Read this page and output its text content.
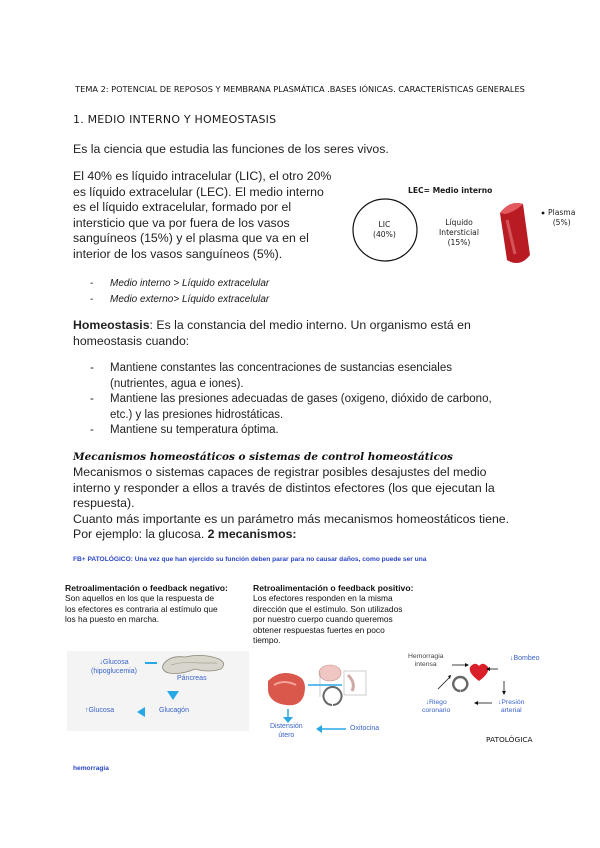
TEMA 2: POTENCIAL DE REPOSOS Y MEMBRANA PLASMÁTICA .BASES IÓNICAS. CARACTERÍSTICAS GENERALES
1. MEDIO INTERNO Y HOMEOSTASIS
Es la ciencia que estudia las funciones de los seres vivos.
El 40% es líquido intracelular (LIC), el otro 20%
es líquido extracelular (LEC). El medio interno
es el líquido extracelular, formado por el
intersticio que va por fuera de los vasos
sanguíneos (15%) y el plasma que va en el
interior de los vasos sanguíneos (5%).
LEC= Medio interno
LIC
(40%)
Líquido
Intersticial
(15%)
Plasma
(5%)
- Medio interno > Líquido extracelular
- Medio externo> Líquido extracelular
Homeostasis: Es la constancia del medio interno. Un organismo está en
homeostasis cuando:
- Mantiene constantes las concentraciones de sustancias esenciales
(nutrientes, agua e iones).
- Mantiene las presiones adecuadas de gases (oxigeno, dióxido de carbono,
etc.) y las presiones hidrostáticas.
- Mantiene su temperatura óptima.
Mecanismos homeostáticos o sistemas de control homeostáticos
Mecanismos o sistemas capaces de registrar posibles desajustes del medio
interno y responder a ellos a través de distintos efectores (los que ejecutan la
respuesta).
Cuanto más importante es un parámetro más mecanismos homeostáticos tiene.
Por ejemplo: la glucosa. 2 mecanismos:
FB+ PATOLÓGICO: Una vez que han ejercido su función deben parar para no causar daños, como puede ser una
Retroalimentación o feedback negativo:
Son aquellos en los que la respuesta de
los efectores es contraria al estímulo que
los ha puesto en marcha.
↓Glucosa
(hipoglucemia)
Páncreas
↑Glucosa	Glucagón
Retroalimentación o feedback positivo:
Los efectores responden en la misma
dirección que el estímulo. Son utilizados
por nuestro cuerpo cuando queremos
obtener respuestas fuertes en poco
tiempo.
Distensión
útero
Oxitocina
Hemorragia
intensa
↓Bombeo
↓Riego
coronario
↓Presión
arterial
PATOLÓGICA
hemorragia
